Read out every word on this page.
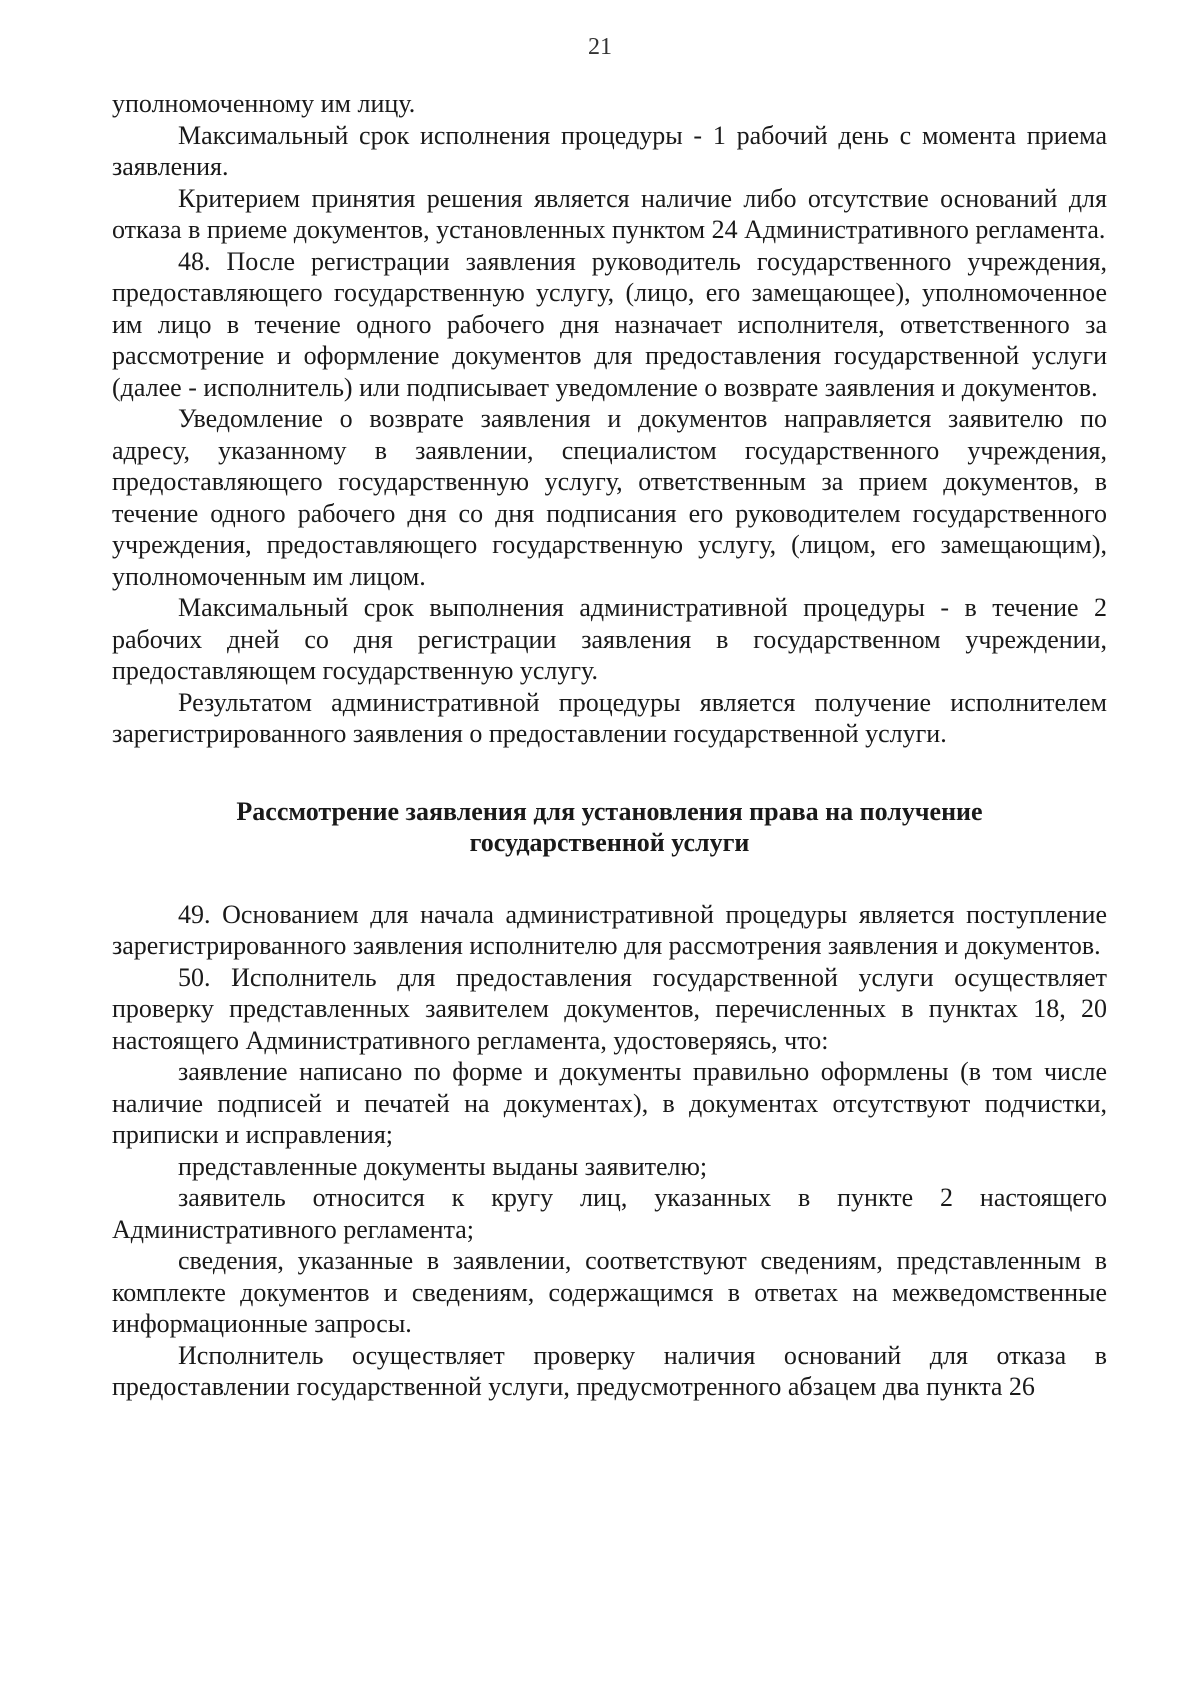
21

уполномоченному им лицу.

Максимальный срок исполнения процедуры - 1 рабочий день с момента приема заявления.

Критерием принятия решения является наличие либо отсутствие оснований для отказа в приеме документов, установленных пунктом 24 Административного регламента.

48. После регистрации заявления руководитель государственного учреждения, предоставляющего государственную услугу, (лицо, его замещающее), уполномоченное им лицо в течение одного рабочего дня назначает исполнителя, ответственного за рассмотрение и оформление документов для предоставления государственной услуги (далее - исполнитель) или подписывает уведомление о возврате заявления и документов.

Уведомление о возврате заявления и документов направляется заявителю по адресу, указанному в заявлении, специалистом государственного учреждения, предоставляющего государственную услугу, ответственным за прием документов, в течение одного рабочего дня со дня подписания его руководителем государственного учреждения, предоставляющего государственную услугу, (лицом, его замещающим), уполномоченным им лицом.

Максимальный срок выполнения административной процедуры - в течение 2 рабочих дней со дня регистрации заявления в государственном учреждении, предоставляющем государственную услугу.

Результатом административной процедуры является получение исполнителем зарегистрированного заявления о предоставлении государственной услуги.

Рассмотрение заявления для установления права на получение
государственной услуги

49. Основанием для начала административной процедуры является поступление зарегистрированного заявления исполнителю для рассмотрения заявления и документов.

50. Исполнитель для предоставления государственной услуги осуществляет проверку представленных заявителем документов, перечисленных в пунктах 18, 20 настоящего Административного регламента, удостоверяясь, что:

заявление написано по форме и документы правильно оформлены (в том числе наличие подписей и печатей на документах), в документах отсутствуют подчистки, приписки и исправления;

представленные документы выданы заявителю;

заявитель относится к кругу лиц, указанных в пункте 2 настоящего Административного регламента;

сведения, указанные в заявлении, соответствуют сведениям, представленным в комплекте документов и сведениям, содержащимся в ответах на межведомственные информационные запросы.

Исполнитель осуществляет проверку наличия оснований для отказа в предоставлении государственной услуги, предусмотренного абзацем два пункта 26
